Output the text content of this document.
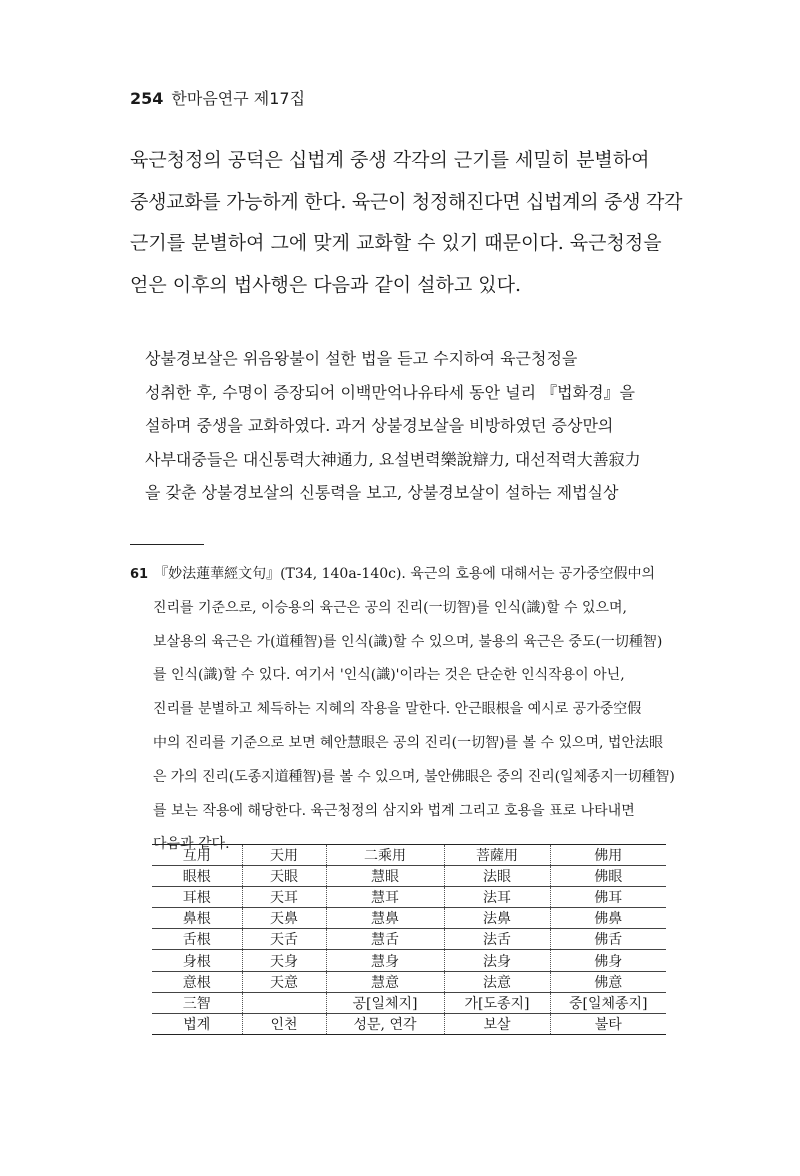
254 한마음연구 제17집
육근청정의 공덕은 십법계 중생 각각의 근기를 세밀히 분별하여
중생교화를 가능하게 한다. 육근이 청정해진다면 십법계의 중생 각각
근기를 분별하여 그에 맞게 교화할 수 있기 때문이다. 육근청정을
얻은 이후의 법사행은 다음과 같이 설하고 있다.
상불경보살은 위음왕불이 설한 법을 듣고 수지하여 육근청정을
성취한 후, 수명이 증장되어 이백만억나유타세 동안 널리 『법화경』을
설하며 중생을 교화하였다. 과거 상불경보살을 비방하였던 증상만의
사부대중들은 대신통력大神通力, 요설변력樂說辯力, 대선적력大善寂力
을 갖춘 상불경보살의 신통력을 보고, 상불경보살이 설하는 제법실상
61 『妙法蓮華經文句』(T34, 140a-140c). 육근의 호용에 대해서는 공가중空假中의
진리를 기준으로, 이승용의 육근은 공의 진리(一切智)를 인식(識)할 수 있으며,
보살용의 육근은 가(道種智)를 인식(識)할 수 있으며, 불용의 육근은 중도(一切種智)
를 인식(識)할 수 있다. 여기서 '인식(識)'이라는 것은 단순한 인식작용이 아닌,
진리를 분별하고 체득하는 지혜의 작용을 말한다. 안근眼根을 예시로 공가중空假
中의 진리를 기준으로 보면 혜안慧眼은 공의 진리(一切智)를 볼 수 있으며, 법안法眼
은 가의 진리(도종지道種智)를 볼 수 있으며, 불안佛眼은 중의 진리(일체종지一切種智)
를 보는 작용에 해당한다. 육근청정의 삼지와 법계 그리고 호용을 표로 나타내면
다음과 같다.
互用	天用	二乘用	菩薩用	佛用
眼根	天眼	慧眼	法眼	佛眼
耳根	天耳	慧耳	法耳	佛耳
鼻根	天鼻	慧鼻	法鼻	佛鼻
舌根	天舌	慧舌	法舌	佛舌
身根	天身	慧身	法身	佛身
意根	天意	慧意	法意	佛意
三智		공[일체지]	가[도종지]	중[일체종지]
법계	인천	성문, 연각	보살	불타
